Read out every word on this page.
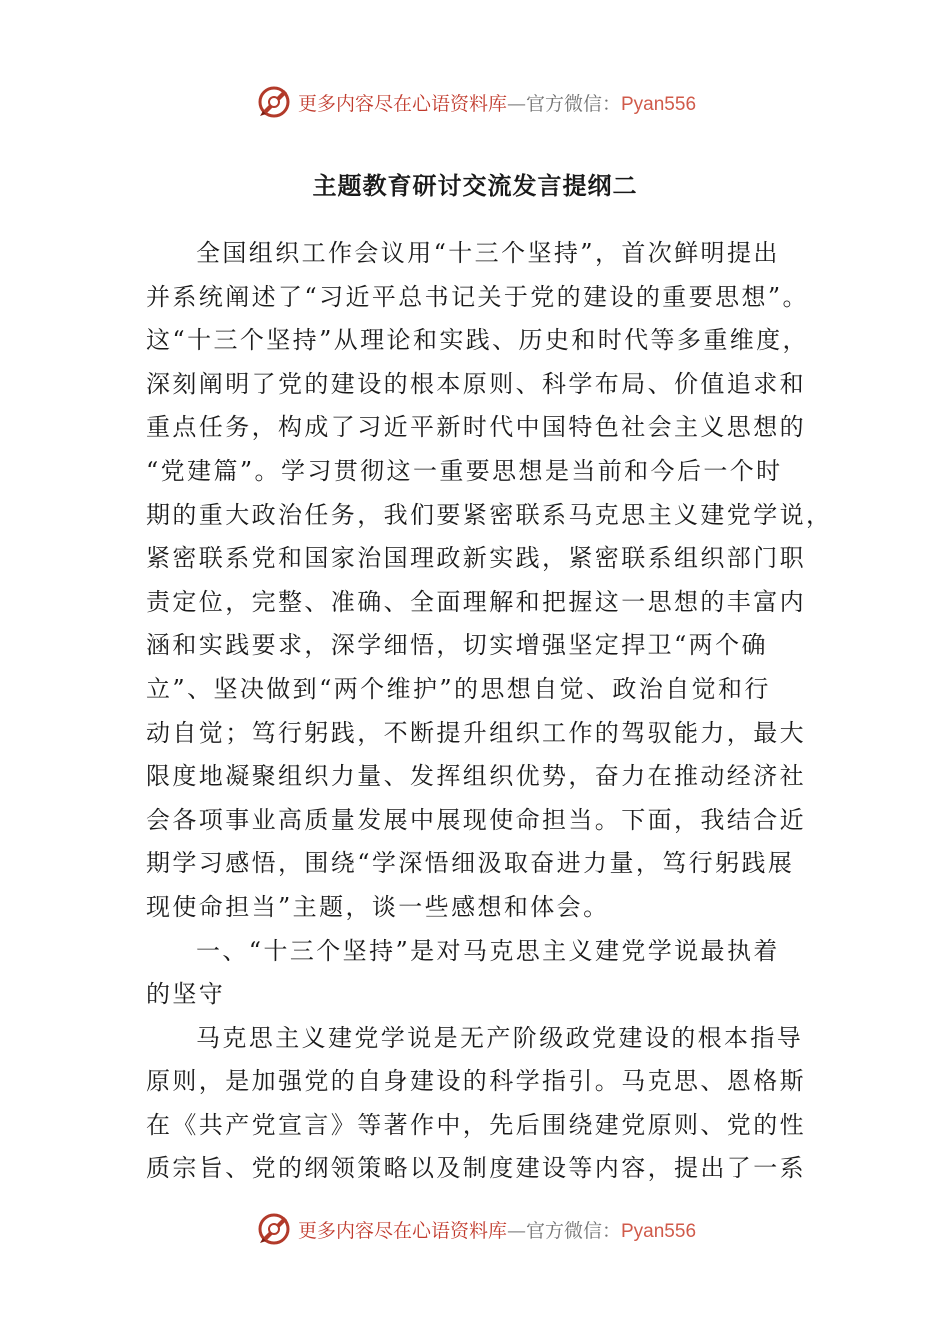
更多内容尽在心语资料库—官方微信：Pyan556
主题教育研讨交流发言提纲二
全国组织工作会议用“十三个坚持”，首次鲜明提出
并系统阐述了“习近平总书记关于党的建设的重要思想”。
这“十三个坚持”从理论和实践、历史和时代等多重维度，
深刻阐明了党的建设的根本原则、科学布局、价值追求和
重点任务，构成了习近平新时代中国特色社会主义思想的
“党建篇”。学习贯彻这一重要思想是当前和今后一个时
期的重大政治任务，我们要紧密联系马克思主义建党学说，
紧密联系党和国家治国理政新实践，紧密联系组织部门职
责定位，完整、准确、全面理解和把握这一思想的丰富内
涵和实践要求，深学细悟，切实增强坚定捍卫“两个确
立”、坚决做到“两个维护”的思想自觉、政治自觉和行
动自觉；笃行躬践，不断提升组织工作的驾驭能力，最大
限度地凝聚组织力量、发挥组织优势，奋力在推动经济社
会各项事业高质量发展中展现使命担当。下面，我结合近
期学习感悟，围绕“学深悟细汲取奋进力量，笃行躬践展
现使命担当”主题，谈一些感想和体会。
一、“十三个坚持”是对马克思主义建党学说最执着
的坚守
马克思主义建党学说是无产阶级政党建设的根本指导
原则，是加强党的自身建设的科学指引。马克思、恩格斯
在《共产党宣言》等著作中，先后围绕建党原则、党的性
质宗旨、党的纲领策略以及制度建设等内容，提出了一系
更多内容尽在心语资料库—官方微信：Pyan556
